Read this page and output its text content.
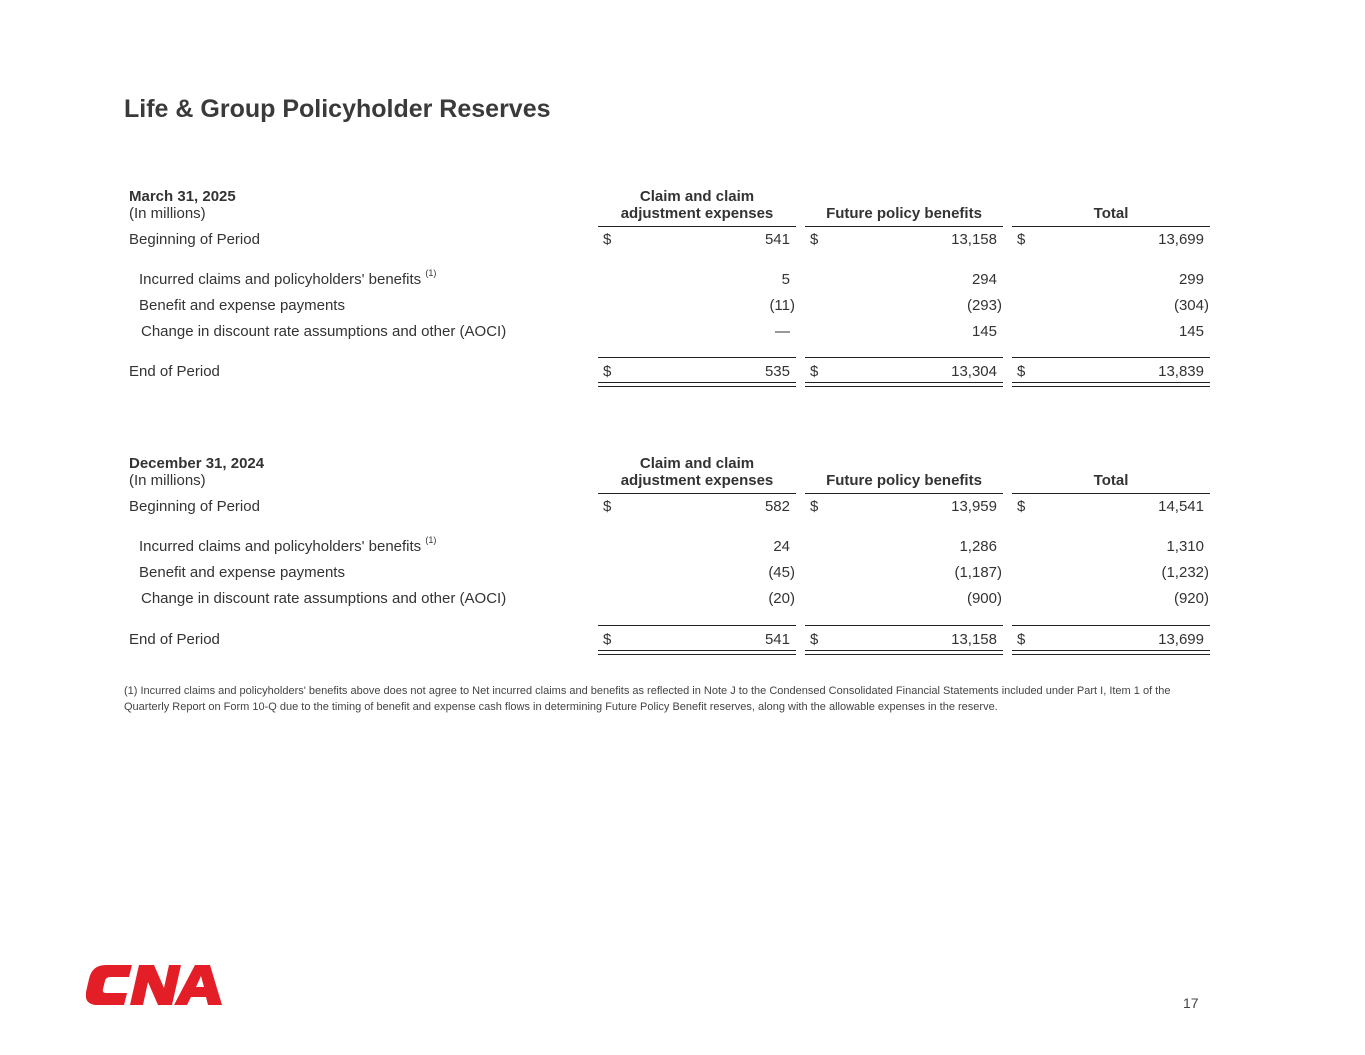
Life & Group Policyholder Reserves
March 31, 2025
(In millions)
Claim and claim adjustment expenses	Future policy benefits	Total
Beginning of Period	$	541 $	13,158 $	13,699
Incurred claims and policyholders' benefits $^{(1)}$	5	294	299
Benefit and expense payments	(11)	(293)	(304)
Change in discount rate assumptions and other (AOCI)	—	145	145
End of Period	$	535 $	13,304 $	13,839
December 31, 2024
(In millions)
Claim and claim adjustment expenses	Future policy benefits	Total
Beginning of Period	$	582 $	13,959 $	14,541
Incurred claims and policyholders' benefits $^{(1)}$	24	1,286	1,310
Benefit and expense payments	(45)	(1,187)	(1,232)
Change in discount rate assumptions and other (AOCI)	(20)	(900)	(920)
End of Period	$	541 $	13,158 $	13,699

(1) Incurred claims and policyholders' benefits above does not agree to Net incurred claims and benefits as reflected in Note J to the Condensed Consolidated Financial Statements included under Part I, Item 1 of the Quarterly Report on Form 10-Q due to the timing of benefit and expense cash flows in determining Future Policy Benefit reserves, along with the allowable expenses in the reserve.

17
